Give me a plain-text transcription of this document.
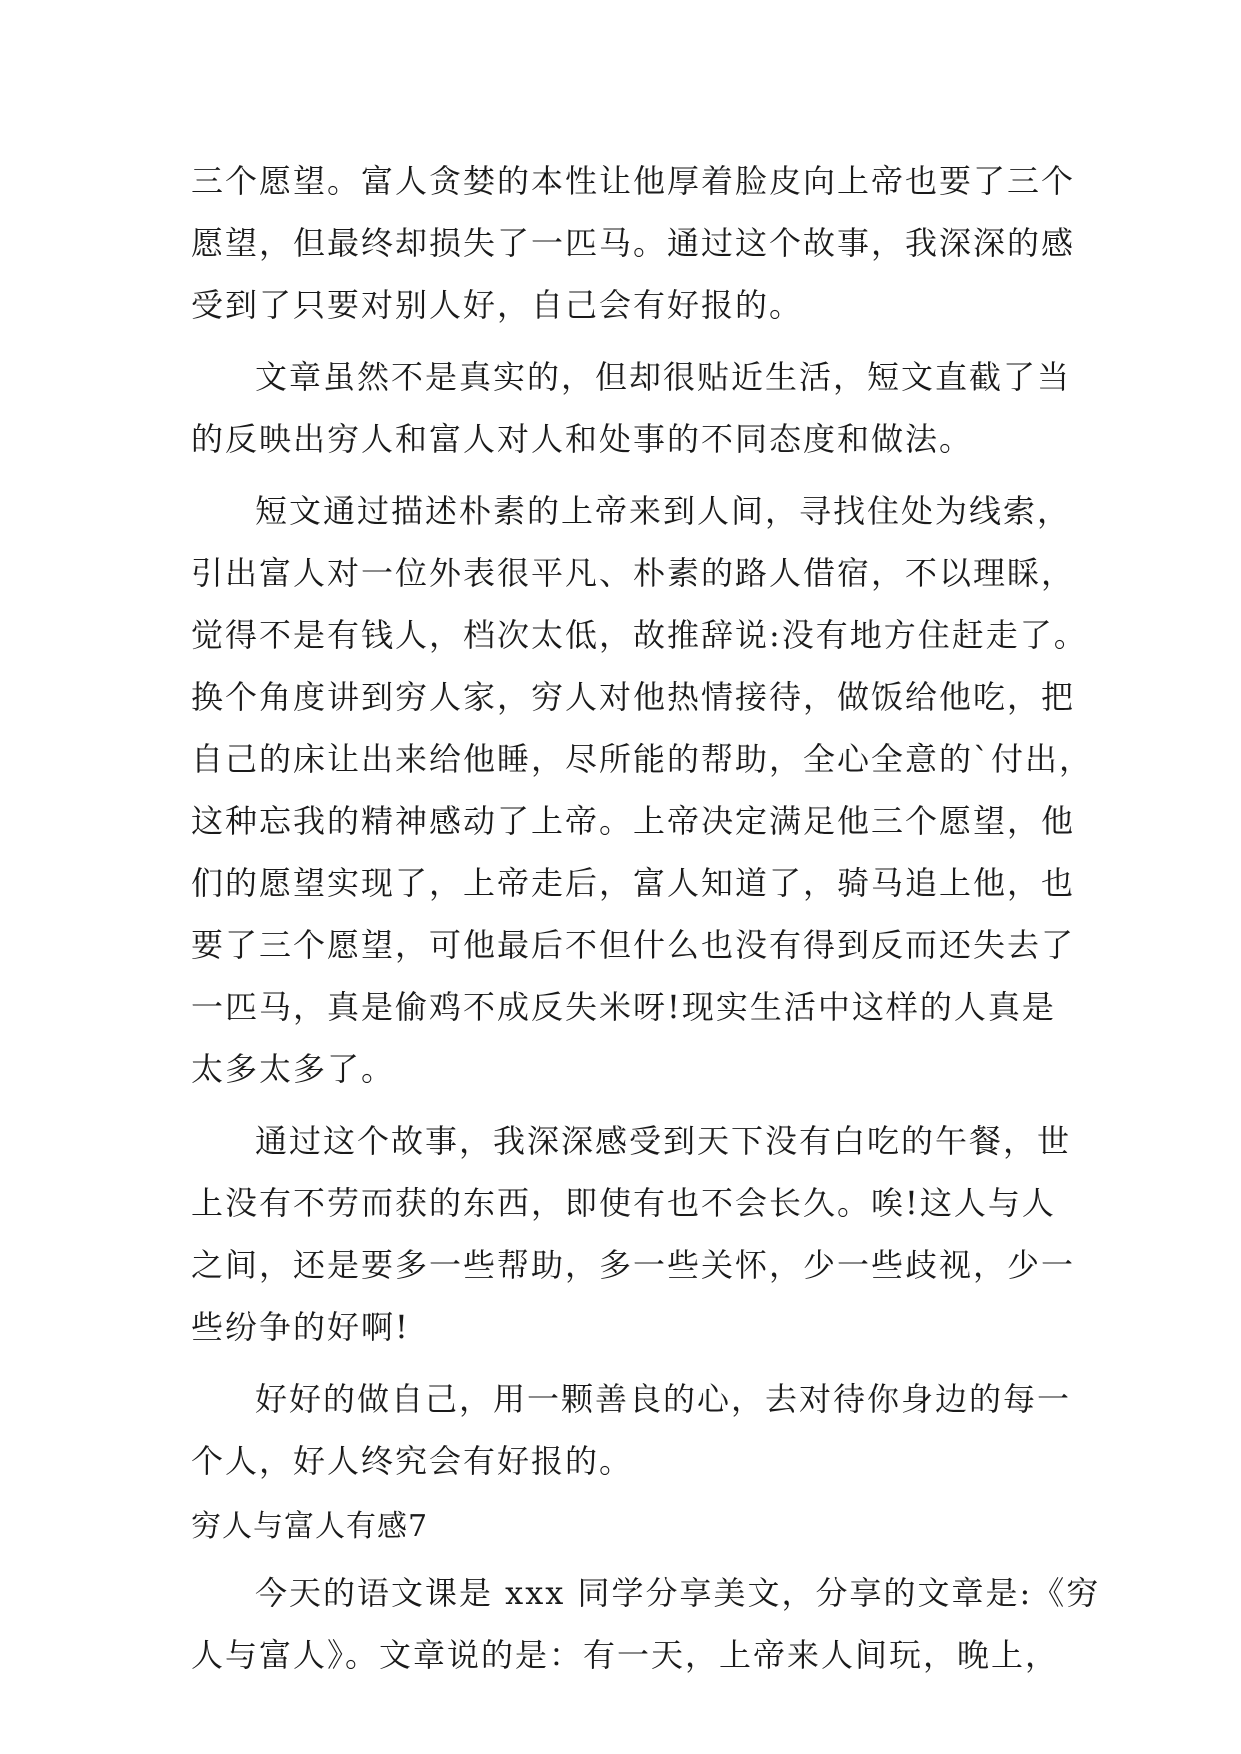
三个愿望。富人贪婪的本性让他厚着脸皮向上帝也要了三个
愿望，但最终却损失了一匹马。通过这个故事，我深深的感
受到了只要对别人好，自己会有好报的。
文章虽然不是真实的，但却很贴近生活，短文直截了当
的反映出穷人和富人对人和处事的不同态度和做法。
短文通过描述朴素的上帝来到人间，寻找住处为线索，
引出富人对一位外表很平凡、朴素的路人借宿，不以理睬，
觉得不是有钱人，档次太低，故推辞说:没有地方住赶走了。
换个角度讲到穷人家，穷人对他热情接待，做饭给他吃，把
自己的床让出来给他睡，尽所能的帮助，全心全意的`付出，
这种忘我的精神感动了上帝。上帝决定满足他三个愿望，他
们的愿望实现了，上帝走后，富人知道了，骑马追上他，也
要了三个愿望，可他最后不但什么也没有得到反而还失去了
一匹马，真是偷鸡不成反失米呀!现实生活中这样的人真是
太多太多了。
通过这个故事，我深深感受到天下没有白吃的午餐，世
上没有不劳而获的东西，即使有也不会长久。唉!这人与人
之间，还是要多一些帮助，多一些关怀，少一些歧视，少一
些纷争的好啊!
好好的做自己，用一颗善良的心，去对待你身边的每一
个人，好人终究会有好报的。
穷人与富人有感7
今天的语文课是 xxx 同学分享美文，分享的文章是:《穷
人与富人》。文章说的是：有一天，上帝来人间玩，晚上，
